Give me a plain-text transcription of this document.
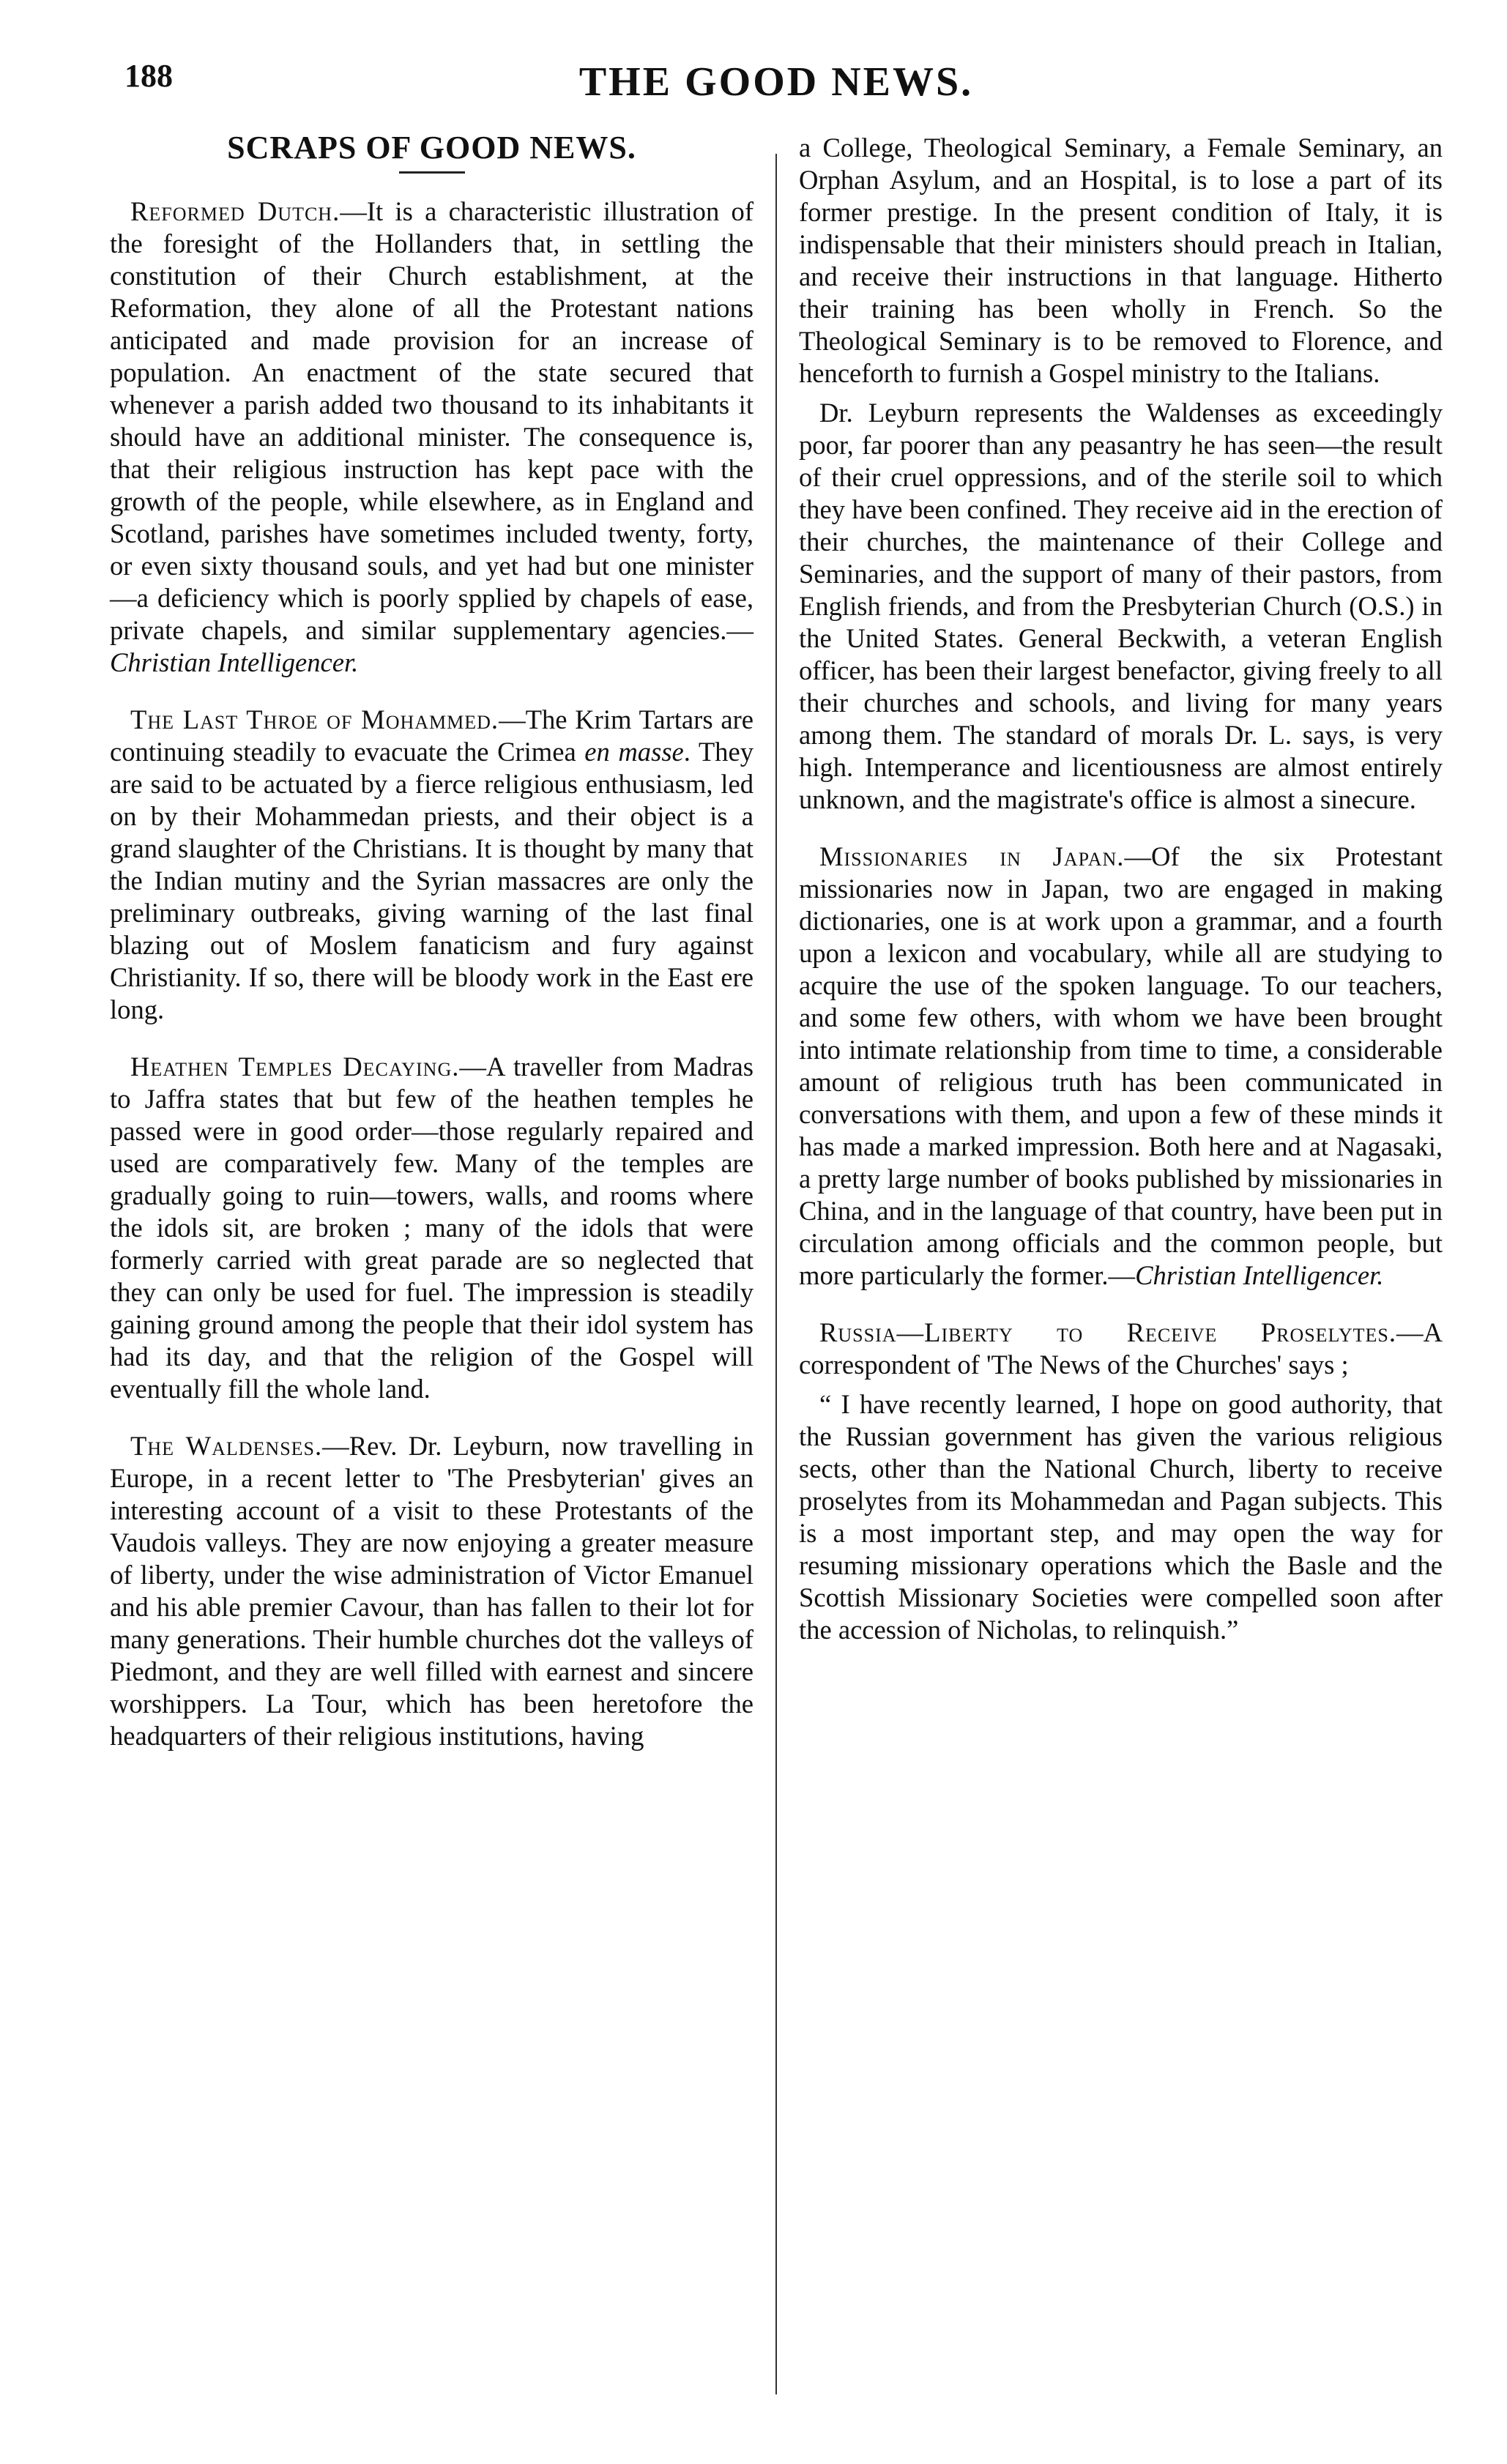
188	THE GOOD NEWS.
SCRAPS OF GOOD NEWS.

Reformed Dutch.—It is a characteristic illustration of the foresight of the Hollanders that, in settling the constitution of their Church establishment, at the Reformation, they alone of all the Protestant nations anticipated and made provision for an increase of population. An enactment of the state secured that whenever a parish added two thousand to its inhabitants it should have an additional minister. The consequence is, that their religious instruction has kept pace with the growth of the people, while elsewhere, as in England and Scotland, parishes have sometimes included twenty, forty, or even sixty thousand souls, and yet had but one minister—a deficiency which is poorly spplied by chapels of ease, private chapels, and similar supplementary agencies.—Christian Intelligencer.

The Last Throe of Mohammed.—The Krim Tartars are continuing steadily to evacuate the Crimea en masse. They are said to be actuated by a fierce religious enthusiasm, led on by their Mohammedan priests, and their object is a grand slaughter of the Christians. It is thought by many that the Indian mutiny and the Syrian massacres are only the preliminary outbreaks, giving warning of the last final blazing out of Moslem fanaticism and fury against Christianity. If so, there will be bloody work in the East ere long.

Heathen Temples Decaying.—A traveller from Madras to Jaffra states that but few of the heathen temples he passed were in good order—those regularly repaired and used are comparatively few. Many of the temples are gradually going to ruin—towers, walls, and rooms where the idols sit, are broken ; many of the idols that were formerly carried with great parade are so neglected that they can only be used for fuel. The impression is steadily gaining ground among the people that their idol system has had its day, and that the religion of the Gospel will eventually fill the whole land.

The Waldenses.—Rev. Dr. Leyburn, now travelling in Europe, in a recent letter to 'The Presbyterian' gives an interesting account of a visit to these Protestants of the Vaudois valleys. They are now enjoying a greater measure of liberty, under the wise administration of Victor Emanuel and his able premier Cavour, than has fallen to their lot for many generations. Their humble churches dot the valleys of Piedmont, and they are well filled with earnest and sincere worshippers. La Tour, which has been heretofore the headquarters of their religious institutions, having

a College, Theological Seminary, a Female Seminary, an Orphan Asylum, and an Hospital, is to lose a part of its former prestige. In the present condition of Italy, it is indispensable that their ministers should preach in Italian, and receive their instructions in that language. Hitherto their training has been wholly in French. So the Theological Seminary is to be removed to Florence, and henceforth to furnish a Gospel ministry to the Italians.

Dr. Leyburn represents the Waldenses as exceedingly poor, far poorer than any peasantry he has seen—the result of their cruel oppressions, and of the sterile soil to which they have been confined. They receive aid in the erection of their churches, the maintenance of their College and Seminaries, and the support of many of their pastors, from English friends, and from the Presbyterian Church (O.S.) in the United States. General Beckwith, a veteran English officer, has been their largest benefactor, giving freely to all their churches and schools, and living for many years among them. The standard of morals Dr. L. says, is very high. Intemperance and licentiousness are almost entirely unknown, and the magistrate's office is almost a sinecure.

Missionaries in Japan.—Of the six Protestant missionaries now in Japan, two are engaged in making dictionaries, one is at work upon a grammar, and a fourth upon a lexicon and vocabulary, while all are studying to acquire the use of the spoken language. To our teachers, and some few others, with whom we have been brought into intimate relationship from time to time, a considerable amount of religious truth has been communicated in conversations with them, and upon a few of these minds it has made a marked impression. Both here and at Nagasaki, a pretty large number of books published by missionaries in China, and in the language of that country, have been put in circulation among officials and the common people, but more particularly the former.—Christian Intelligencer.

Russia—Liberty to Receive Proselytes.—A correspondent of 'The News of the Churches' says ;

“ I have recently learned, I hope on good authority, that the Russian government has given the various religious sects, other than the National Church, liberty to receive proselytes from its Mohammedan and Pagan subjects. This is a most important step, and may open the way for resuming missionary operations which the Basle and the Scottish Missionary Societies were compelled soon after the accession of Nicholas, to relinquish.”
